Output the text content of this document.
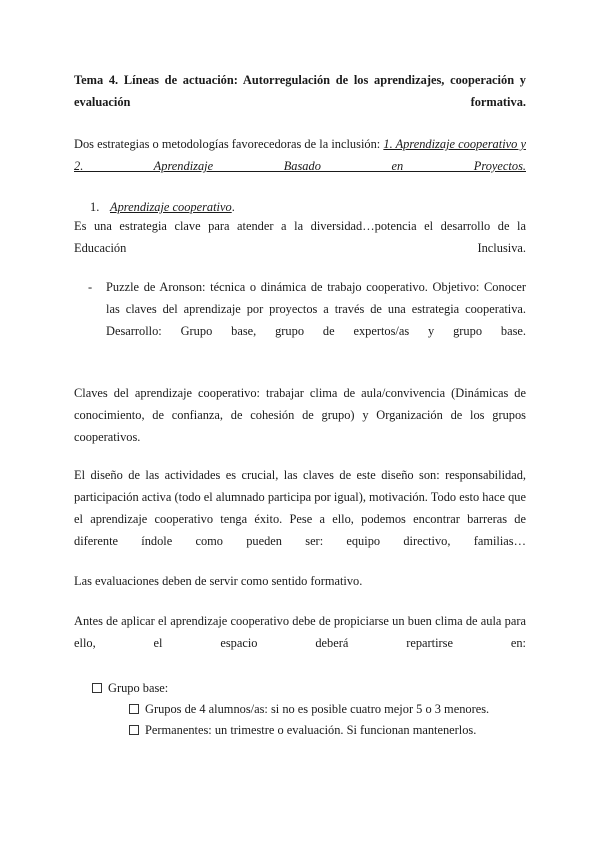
Tema 4. Líneas de actuación: Autorregulación de los aprendizajes, cooperación y evaluación formativa.

Dos estrategias o metodologías favorecedoras de la inclusión: 1. Aprendizaje cooperativo y 2. Aprendizaje Basado en Proyectos.

1. Aprendizaje cooperativo.

Es una estrategia clave para atender a la diversidad…potencia el desarrollo de la Educación Inclusiva.

- Puzzle de Aronson: técnica o dinámica de trabajo cooperativo. Objetivo: Conocer las claves del aprendizaje por proyectos a través de una estrategia cooperativa. Desarrollo: Grupo base, grupo de expertos/as y grupo base.

Claves del aprendizaje cooperativo: trabajar clima de aula/convivencia (Dinámicas de conocimiento, de confianza, de cohesión de grupo) y Organización de los grupos cooperativos.

El diseño de las actividades es crucial, las claves de este diseño son: responsabilidad, participación activa (todo el alumnado participa por igual), motivación. Todo esto hace que el aprendizaje cooperativo tenga éxito. Pese a ello, podemos encontrar barreras de diferente índole como pueden ser: equipo directivo, familias…

Las evaluaciones deben de servir como sentido formativo.

Antes de aplicar el aprendizaje cooperativo debe de propiciarse un buen clima de aula para ello, el espacio deberá repartirse en:

Grupo base:
Grupos de 4 alumnos/as: si no es posible cuatro mejor 5 o 3 menores.
Permanentes: un trimestre o evaluación. Si funcionan mantenerlos.
